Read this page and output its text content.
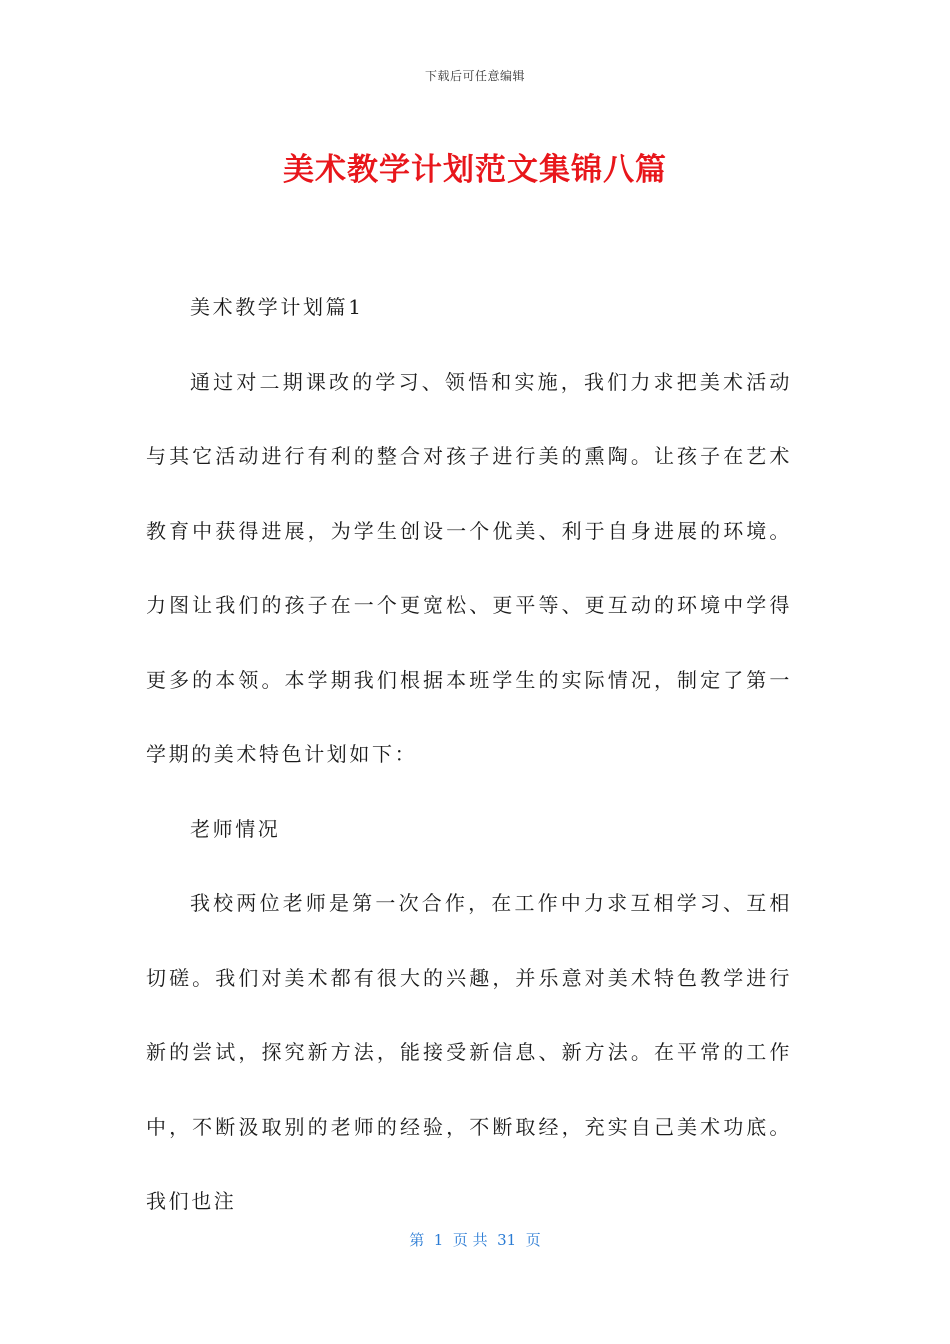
下载后可任意编辑
美术教学计划范文集锦八篇

美术教学计划篇1

通过对二期课改的学习、领悟和实施，我们力求把美术活动与其它活动进行有利的整合对孩子进行美的熏陶。让孩子在艺术教育中获得进展，为学生创设一个优美、利于自身进展的环境。力图让我们的孩子在一个更宽松、更平等、更互动的环境中学得更多的本领。本学期我们根据本班学生的实际情况，制定了第一学期的美术特色计划如下：

老师情况

我校两位老师是第一次合作，在工作中力求互相学习、互相切磋。我们对美术都有很大的兴趣，并乐意对美术特色教学进行新的尝试，探究新方法，能接受新信息、新方法。在平常的工作中，不断汲取别的老师的经验，不断取经，充实自己美术功底。我们也注

第  1  页 共  31  页
